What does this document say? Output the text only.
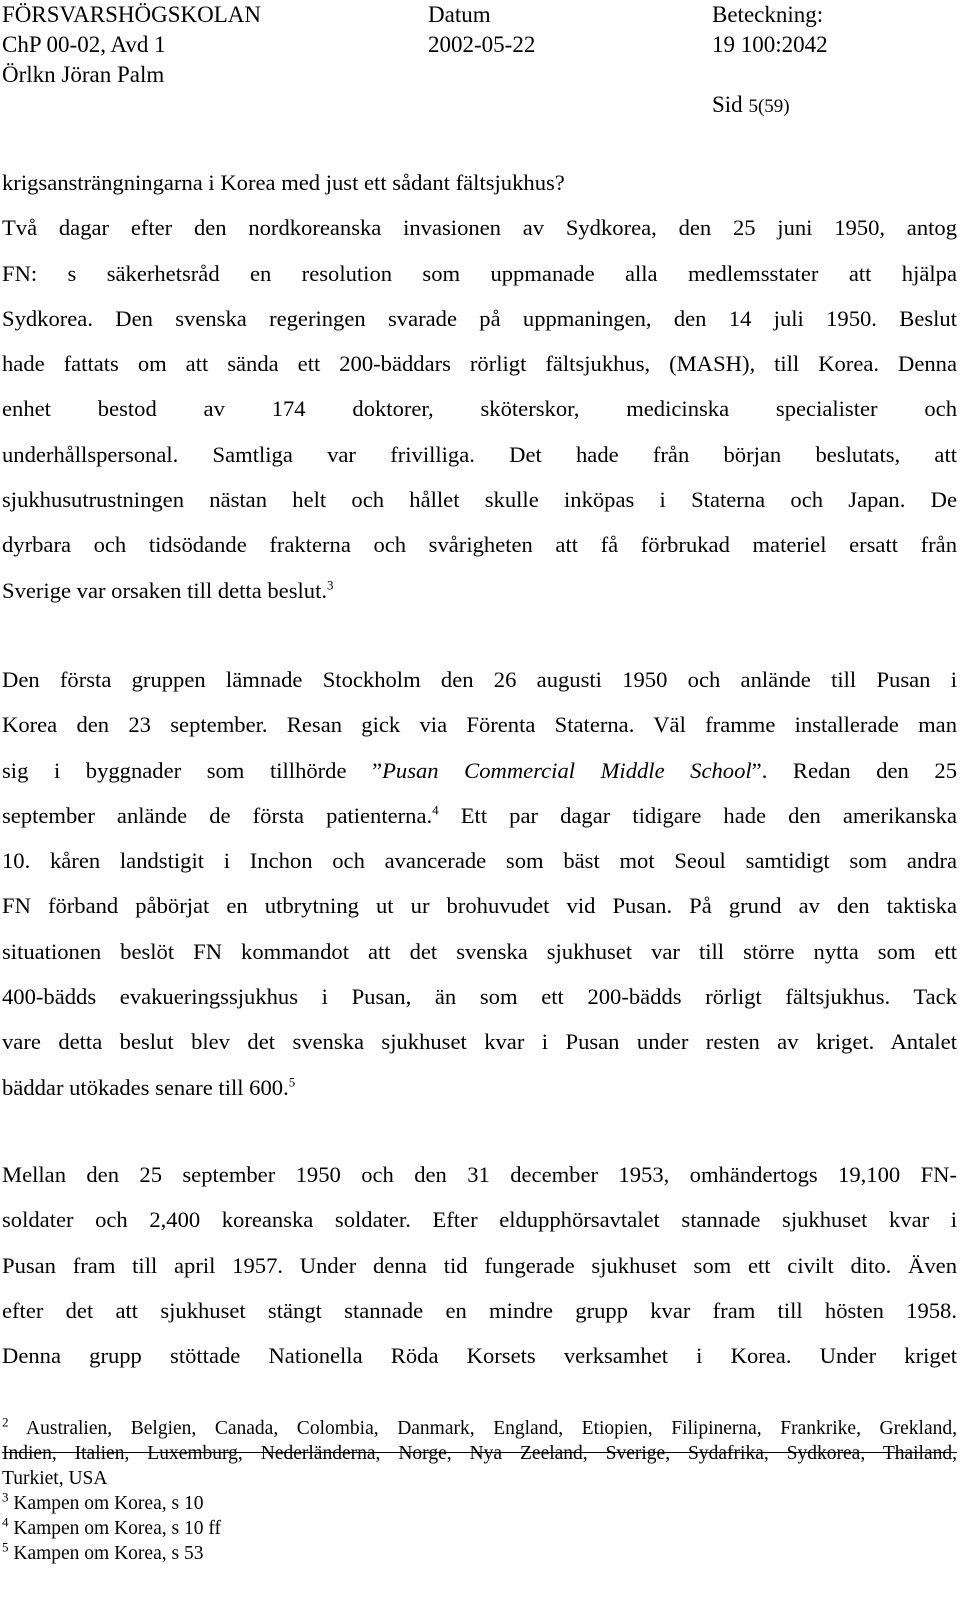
FÖRSVARSHÖGSKOLAN
ChP 00-02, Avd 1
Örlkn Jöran Palm
Datum
2002-05-22
Beteckning:
19 100:2042
Sid 5(59)
krigsansträngningarna i Korea med just ett sådant fältsjukhus?
Två dagar efter den nordkoreanska invasionen av Sydkorea, den 25 juni 1950, antog
FN: s säkerhetsråd en resolution som uppmanade alla medlemsstater att hjälpa
Sydkorea. Den svenska regeringen svarade på uppmaningen, den 14 juli 1950. Beslut
hade fattats om att sända ett 200-bäddars rörligt fältsjukhus, (MASH), till Korea. Denna
enhet bestod av 174 doktorer, sköterskor, medicinska specialister och
underhållspersonal. Samtliga var frivilliga. Det hade från början beslutats, att
sjukhusutrustningen nästan helt och hållet skulle inköpas i Staterna och Japan. De
dyrbara och tidsödande frakterna och svårigheten att få förbrukad materiel ersatt från
Sverige var orsaken till detta beslut.$^3$
Den första gruppen lämnade Stockholm den 26 augusti 1950 och anlände till Pusan i
Korea den 23 september. Resan gick via Förenta Staterna. Väl framme installerade man
sig i byggnader som tillhörde ”Pusan Commercial Middle School”. Redan den 25
september anlände de första patienterna.$^4$ Ett par dagar tidigare hade den amerikanska
10. kåren landstigit i Inchon och avancerade som bäst mot Seoul samtidigt som andra
FN förband påbörjat en utbrytning ut ur brohuvudet vid Pusan. På grund av den taktiska
situationen beslöt FN kommandot att det svenska sjukhuset var till större nytta som ett
400-bädds evakueringssjukhus i Pusan, än som ett 200-bädds rörligt fältsjukhus. Tack
vare detta beslut blev det svenska sjukhuset kvar i Pusan under resten av kriget. Antalet
bäddar utökades senare till 600.$^5$
Mellan den 25 september 1950 och den 31 december 1953, omhändertogs 19,100 FN-
soldater och 2,400 koreanska soldater. Efter eldupphörsavtalet stannade sjukhuset kvar i
Pusan fram till april 1957. Under denna tid fungerade sjukhuset som ett civilt dito. Även
efter det att sjukhuset stängt stannade en mindre grupp kvar fram till hösten 1958.
Denna grupp stöttade Nationella Röda Korsets verksamhet i Korea. Under kriget
$^2$ Australien, Belgien, Canada, Colombia, Danmark, England, Etiopien, Filipinerna, Frankrike, Grekland,
Indien, Italien, Luxemburg, Nederländerna, Norge, Nya Zeeland, Sverige, Sydafrika, Sydkorea, Thailand,
Turkiet, USA
$^3$ Kampen om Korea, s 10
$^4$ Kampen om Korea, s 10 ff
$^5$ Kampen om Korea, s 53
